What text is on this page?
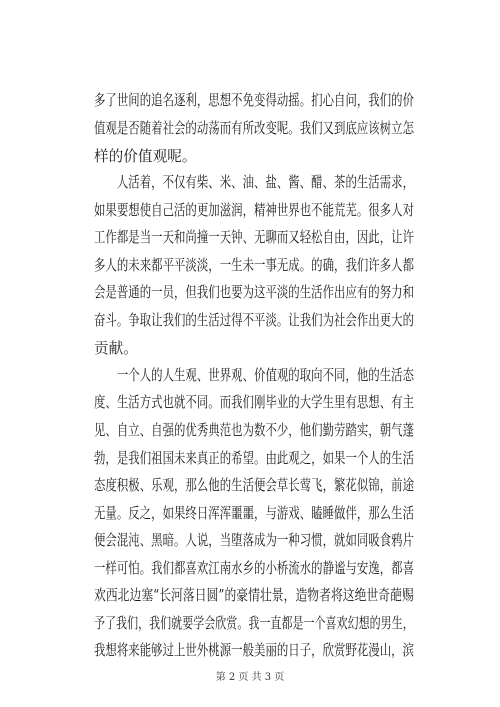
多了世间的追名逐利，思想不免变得动摇。扪心自问，我们的价
值观是否随着社会的动荡而有所改变呢。我们又到底应该树立怎
样的价值观呢。
　　人活着，不仅有柴、米、油、盐、酱、醋、茶的生活需求，
如果要想使自己活的更加滋润，精神世界也不能荒芜。很多人对
工作都是当一天和尚撞一天钟、无聊而又轻松自由，因此，让许
多人的未来都平平淡淡，一生未一事无成。的确，我们许多人都
会是普通的一员，但我们也要为这平淡的生活作出应有的努力和
奋斗。争取让我们的生活过得不平淡。让我们为社会作出更大的
贡献。
　　一个人的人生观、世界观、价值观的取向不同，他的生活态
度、生活方式也就不同。而我们刚毕业的大学生里有思想、有主
见、自立、自强的优秀典范也为数不少，他们勤劳踏实，朝气蓬
勃，是我们祖国未来真正的希望。由此观之，如果一个人的生活
态度积极、乐观，那么他的生活便会草长莺飞，繁花似锦，前途
无量。反之，如果终日浑浑噩噩，与游戏、瞌睡做伴，那么生活
便会混沌、黑暗。人说，当堕落成为一种习惯，就如同吸食鸦片
一样可怕。我们都喜欢江南水乡的小桥流水的静谧与安逸，都喜
欢西北边塞“长河落日圆”的豪情壮景，造物者将这绝世奇葩赐
予了我们，我们就要学会欣赏。我一直都是一个喜欢幻想的男生，
我想将来能够过上世外桃源一般美丽的日子，欣赏野花漫山，滨
第 2 页 共 3 页
